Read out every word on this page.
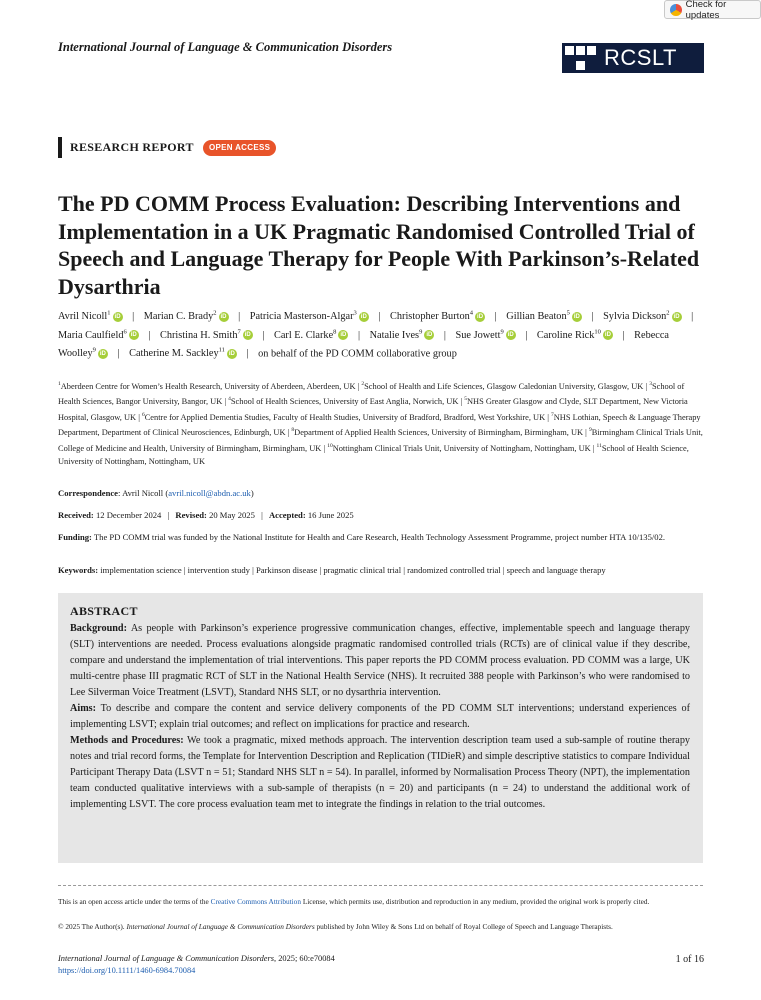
Check for updates
International Journal of Language & Communication Disorders	RCSLT
RESEARCH REPORT	OPEN ACCESS
The PD COMM Process Evaluation: Describing Interventions and Implementation in a UK Pragmatic Randomised Controlled Trial of Speech and Language Therapy for People With Parkinson’s-Related Dysarthria
Avril Nicoll$^1$iD | Marian C. Brady$^2$iD | Patricia Masterson-Algar$^3$iD | Christopher Burton$^4$iD | Gillian Beaton$^5$iD | Sylvia Dickson$^2$iD | Maria Caulfield$^6$iD | Christina H. Smith$^7$iD | Carl E. Clarke$^8$iD | Natalie Ives$^9$iD | Sue Jowett$^9$iD | Caroline Rick$^{10}$iD | Rebecca Woolley$^9$iD | Catherine M. Sackley$^{11}$iD | on behalf of the PD COMM collaborative group
$^1$Aberdeen Centre for Women’s Health Research, University of Aberdeen, Aberdeen, UK | $^2$School of Health and Life Sciences, Glasgow Caledonian University, Glasgow, UK | $^3$School of Health Sciences, Bangor University, Bangor, UK | $^4$School of Health Sciences, University of East Anglia, Norwich, UK | $^5$NHS Greater Glasgow and Clyde, SLT Department, New Victoria Hospital, Glasgow, UK | $^6$Centre for Applied Dementia Studies, Faculty of Health Studies, University of Bradford, Bradford, West Yorkshire, UK | $^7$NHS Lothian, Speech & Language Therapy Department, Department of Clinical Neurosciences, Edinburgh, UK | $^8$Department of Applied Health Sciences, University of Birmingham, Birmingham, UK | $^9$Birmingham Clinical Trials Unit, College of Medicine and Health, University of Birmingham, Birmingham, UK | $^{10}$Nottingham Clinical Trials Unit, University of Nottingham, Nottingham, UK | $^{11}$School of Health Science, University of Nottingham, Nottingham, UK
Correspondence: Avril Nicoll (avril.nicoll@abdn.ac.uk)
Received: 12 December 2024 | Revised: 20 May 2025 | Accepted: 16 June 2025
Funding: The PD COMM trial was funded by the National Institute for Health and Care Research, Health Technology Assessment Programme, project number HTA 10/135/02.
Keywords: implementation science | intervention study | Parkinson disease | pragmatic clinical trial | randomized controlled trial | speech and language therapy
ABSTRACT

Background: As people with Parkinson’s experience progressive communication changes, effective, implementable speech and language therapy (SLT) interventions are needed. Process evaluations alongside pragmatic randomised controlled trials (RCTs) are of clinical value if they describe, compare and understand the implementation of trial interventions. This paper reports the PD COMM process evaluation. PD COMM was a large, UK multi-centre phase III pragmatic RCT of SLT in the National Health Service (NHS). It recruited 388 people with Parkinson’s who were randomised to Lee Silverman Voice Treatment (LSVT), Standard NHS SLT, or no dysarthria intervention.

Aims: To describe and compare the content and service delivery components of the PD COMM SLT interventions; understand experiences of implementing LSVT; explain trial outcomes; and reflect on implications for practice and research.

Methods and Procedures: We took a pragmatic, mixed methods approach. The intervention description team used a sub-sample of routine therapy notes and trial record forms, the Template for Intervention Description and Replication (TIDieR) and simple descriptive statistics to compare Individual Participant Therapy Data (LSVT n = 51; Standard NHS SLT n = 54). In parallel, informed by Normalisation Process Theory (NPT), the implementation team conducted qualitative interviews with a sub-sample of therapists (n = 20) and participants (n = 24) to understand the additional work of implementing LSVT. The core process evaluation team met to integrate the findings in relation to the trial outcomes.

This is an open access article under the terms of the Creative Commons Attribution License, which permits use, distribution and reproduction in any medium, provided the original work is properly cited.
© 2025 The Author(s). International Journal of Language & Communication Disorders published by John Wiley & Sons Ltd on behalf of Royal College of Speech and Language Therapists.
International Journal of Language & Communication Disorders, 2025; 60:e70084
https://doi.org/10.1111/1460-6984.70084
1 of 16
